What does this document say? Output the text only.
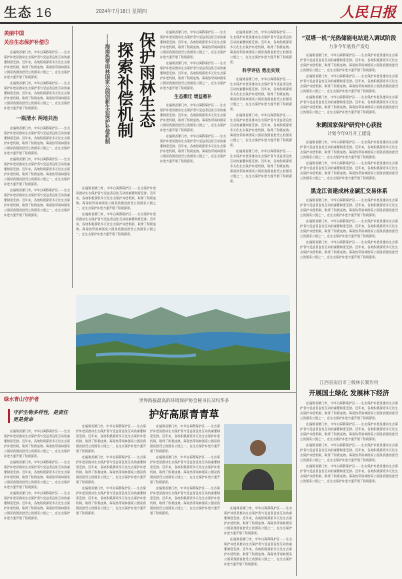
生态 16	2024年7月18日 星期四	人民日报
美丽中国
关注生态保护补偿⑤

在福建省厦门市，中华白海豚保护区……生态保护补偿是推动生态保护者与受益者良性互动的重要制度安排。近年来，各地积极探索多元化生态保护补偿机制，取得了积极成效。海南热带雨林国家公园是我国首批设立的国家公园之一，在生态保护补偿方面开展了积极探索。

在福建省厦门市，中华白海豚保护区……生态保护补偿是推动生态保护者与受益者良性互动的重要制度安排。近年来，各地积极探索多元化生态保护补偿机制，取得了积极成效。海南热带雨林国家公园是我国首批设立的国家公园之一，在生态保护补偿方面开展了积极探索。

一瓶清水 两地共治

在福建省厦门市，中华白海豚保护区……生态保护补偿是推动生态保护者与受益者良性互动的重要制度安排。近年来，各地积极探索多元化生态保护补偿机制，取得了积极成效。海南热带雨林国家公园是我国首批设立的国家公园之一，在生态保护补偿方面开展了积极探索。

在福建省厦门市，中华白海豚保护区……生态保护补偿是推动生态保护者与受益者良性互动的重要制度安排。近年来，各地积极探索多元化生态保护补偿机制，取得了积极成效。海南热带雨林国家公园是我国首批设立的国家公园之一，在生态保护补偿方面开展了积极探索。

在福建省厦门市，中华白海豚保护区……生态保护补偿是推动生态保护者与受益者良性互动的重要制度安排。近年来，各地积极探索多元化生态保护补偿机制，取得了积极成效。海南热带雨林国家公园是我国首批设立的国家公园之一，在生态保护补偿方面开展了积极探索。

保护雨林生态
探索补偿机制
——海南热带雨林国家公园创新生态保护补偿机制

在福建省厦门市，中华白海豚保护区……生态保护补偿是推动生态保护者与受益者良性互动的重要制度安排。近年来，各地积极探索多元化生态保护补偿机制，取得了积极成效。海南热带雨林国家公园是我国首批设立的国家公园之一，在生态保护补偿方面开展了积极探索。

在福建省厦门市，中华白海豚保护区……生态保护补偿是推动生态保护者与受益者良性互动的重要制度安排。近年来，各地积极探索多元化生态保护补偿机制，取得了积极成效。海南热带雨林国家公园是我国首批设立的国家公园之一，在生态保护补偿方面开展了积极探索。

生态搬迁 增益惠补

在福建省厦门市，中华白海豚保护区……生态保护补偿是推动生态保护者与受益者良性互动的重要制度安排。近年来，各地积极探索多元化生态保护补偿机制，取得了积极成效。海南热带雨林国家公园是我国首批设立的国家公园之一，在生态保护补偿方面开展了积极探索。

在福建省厦门市，中华白海豚保护区……生态保护补偿是推动生态保护者与受益者良性互动的重要制度安排。近年来，各地积极探索多元化生态保护补偿机制，取得了积极成效。海南热带雨林国家公园是我国首批设立的国家公园之一，在生态保护补偿方面开展了积极探索。

在福建省厦门市，中华白海豚保护区……生态保护补偿是推动生态保护者与受益者良性互动的重要制度安排。近年来，各地积极探索多元化生态保护补偿机制，取得了积极成效。海南热带雨林国家公园是我国首批设立的国家公园之一，在生态保护补偿方面开展了积极探索。

科学评估 勇出实效

在福建省厦门市，中华白海豚保护区……生态保护补偿是推动生态保护者与受益者良性互动的重要制度安排。近年来，各地积极探索多元化生态保护补偿机制，取得了积极成效。海南热带雨林国家公园是我国首批设立的国家公园之一，在生态保护补偿方面开展了积极探索。

在福建省厦门市，中华白海豚保护区……生态保护补偿是推动生态保护者与受益者良性互动的重要制度安排。近年来，各地积极探索多元化生态保护补偿机制，取得了积极成效。海南热带雨林国家公园是我国首批设立的国家公园之一，在生态保护补偿方面开展了积极探索。

在福建省厦门市，中华白海豚保护区……生态保护补偿是推动生态保护者与受益者良性互动的重要制度安排。近年来，各地积极探索多元化生态保护补偿机制，取得了积极成效。海南热带雨林国家公园是我国首批设立的国家公园之一，在生态保护补偿方面开展了积极探索。

在福建省厦门市，中华白海豚保护区……生态保护补偿是推动生态保护者与受益者良性互动的重要制度安排。近年来，各地积极探索多元化生态保护补偿机制，取得了积极成效。海南热带雨林国家公园是我国首批设立的国家公园之一，在生态保护补偿方面开展了积极探索。

在福建省厦门市，中华白海豚保护区……生态保护补偿是推动生态保护者与受益者良性互动的重要制度安排。近年来，各地积极探索多元化生态保护补偿机制，取得了积极成效。海南热带雨林国家公园是我国首批设立的国家公园之一，在生态保护补偿方面开展了积极探索。

“双塔一机”光热储能电站进入调试阶段
力争今年底投产发电

在福建省厦门市，中华白海豚保护区……生态保护补偿是推动生态保护者与受益者良性互动的重要制度安排。近年来，各地积极探索多元化生态保护补偿机制，取得了积极成效。海南热带雨林国家公园是我国首批设立的国家公园之一，在生态保护补偿方面开展了积极探索。

在福建省厦门市，中华白海豚保护区……生态保护补偿是推动生态保护者与受益者良性互动的重要制度安排。近年来，各地积极探索多元化生态保护补偿机制，取得了积极成效。海南热带雨林国家公园是我国首批设立的国家公园之一，在生态保护补偿方面开展了积极探索。

在福建省厦门市，中华白海豚保护区……生态保护补偿是推动生态保护者与受益者良性互动的重要制度安排。近年来，各地积极探索多元化生态保护补偿机制，取得了积极成效。海南热带雨林国家公园是我国首批设立的国家公园之一，在生态保护补偿方面开展了积极探索。

朱鹮国家保护研究中心获批
计划今年9月开工建设

在福建省厦门市，中华白海豚保护区……生态保护补偿是推动生态保护者与受益者良性互动的重要制度安排。近年来，各地积极探索多元化生态保护补偿机制，取得了积极成效。海南热带雨林国家公园是我国首批设立的国家公园之一，在生态保护补偿方面开展了积极探索。

在福建省厦门市，中华白海豚保护区……生态保护补偿是推动生态保护者与受益者良性互动的重要制度安排。近年来，各地积极探索多元化生态保护补偿机制，取得了积极成效。海南热带雨林国家公园是我国首批设立的国家公园之一，在生态保护补偿方面开展了积极探索。

黑龙江省建成林业碳汇交易体系

在福建省厦门市，中华白海豚保护区……生态保护补偿是推动生态保护者与受益者良性互动的重要制度安排。近年来，各地积极探索多元化生态保护补偿机制，取得了积极成效。海南热带雨林国家公园是我国首批设立的国家公园之一，在生态保护补偿方面开展了积极探索。

在福建省厦门市，中华白海豚保护区……生态保护补偿是推动生态保护者与受益者良性互动的重要制度安排。近年来，各地积极探索多元化生态保护补偿机制，取得了积极成效。海南热带雨林国家公园是我国首批设立的国家公园之一，在生态保护补偿方面开展了积极探索。

在福建省厦门市，中华白海豚保护区……生态保护补偿是推动生态保护者与受益者良性互动的重要制度安排。近年来，各地积极探索多元化生态保护补偿机制，取得了积极成效。海南热带雨林国家公园是我国首批设立的国家公园之一，在生态保护补偿方面开展了积极探索。

江西省南昌市三级林长制作用
开展国土绿化 发展林下经济

在福建省厦门市，中华白海豚保护区……生态保护补偿是推动生态保护者与受益者良性互动的重要制度安排。近年来，各地积极探索多元化生态保护补偿机制，取得了积极成效。海南热带雨林国家公园是我国首批设立的国家公园之一，在生态保护补偿方面开展了积极探索。

在福建省厦门市，中华白海豚保护区……生态保护补偿是推动生态保护者与受益者良性互动的重要制度安排。近年来，各地积极探索多元化生态保护补偿机制，取得了积极成效。海南热带雨林国家公园是我国首批设立的国家公园之一，在生态保护补偿方面开展了积极探索。

在福建省厦门市，中华白海豚保护区……生态保护补偿是推动生态保护者与受益者良性互动的重要制度安排。近年来，各地积极探索多元化生态保护补偿机制，取得了积极成效。海南热带雨林国家公园是我国首批设立的国家公园之一，在生态保护补偿方面开展了积极探索。

在福建省厦门市，中华白海豚保护区……生态保护补偿是推动生态保护者与受益者良性互动的重要制度安排。近年来，各地积极探索多元化生态保护补偿机制，取得了积极成效。海南热带雨林国家公园是我国首批设立的国家公园之一，在生态保护补偿方面开展了积极探索。

绿水青山守护者
守护生物多样性，是责任更是使命

在福建省厦门市，中华白海豚保护区……生态保护补偿是推动生态保护者与受益者良性互动的重要制度安排。近年来，各地积极探索多元化生态保护补偿机制，取得了积极成效。海南热带雨林国家公园是我国首批设立的国家公园之一，在生态保护补偿方面开展了积极探索。

在福建省厦门市，中华白海豚保护区……生态保护补偿是推动生态保护者与受益者良性互动的重要制度安排。近年来，各地积极探索多元化生态保护补偿机制，取得了积极成效。海南热带雨林国家公园是我国首批设立的国家公园之一，在生态保护补偿方面开展了积极探索。

在福建省厦门市，中华白海豚保护区……生态保护补偿是推动生态保护者与受益者良性互动的重要制度安排。近年来，各地积极探索多元化生态保护补偿机制，取得了积极成效。海南热带雨林国家公园是我国首批设立的国家公园之一，在生态保护补偿方面开展了积极探索。

世界海拔最高的环境保护协会秘书长尕玛华多
护好高原青青草

在福建省厦门市，中华白海豚保护区……生态保护补偿是推动生态保护者与受益者良性互动的重要制度安排。近年来，各地积极探索多元化生态保护补偿机制，取得了积极成效。海南热带雨林国家公园是我国首批设立的国家公园之一，在生态保护补偿方面开展了积极探索。

在福建省厦门市，中华白海豚保护区……生态保护补偿是推动生态保护者与受益者良性互动的重要制度安排。近年来，各地积极探索多元化生态保护补偿机制，取得了积极成效。海南热带雨林国家公园是我国首批设立的国家公园之一，在生态保护补偿方面开展了积极探索。

在福建省厦门市，中华白海豚保护区……生态保护补偿是推动生态保护者与受益者良性互动的重要制度安排。近年来，各地积极探索多元化生态保护补偿机制，取得了积极成效。海南热带雨林国家公园是我国首批设立的国家公园之一，在生态保护补偿方面开展了积极探索。

在福建省厦门市，中华白海豚保护区……生态保护补偿是推动生态保护者与受益者良性互动的重要制度安排。近年来，各地积极探索多元化生态保护补偿机制，取得了积极成效。海南热带雨林国家公园是我国首批设立的国家公园之一，在生态保护补偿方面开展了积极探索。

在福建省厦门市，中华白海豚保护区……生态保护补偿是推动生态保护者与受益者良性互动的重要制度安排。近年来，各地积极探索多元化生态保护补偿机制，取得了积极成效。海南热带雨林国家公园是我国首批设立的国家公园之一，在生态保护补偿方面开展了积极探索。

在福建省厦门市，中华白海豚保护区……生态保护补偿是推动生态保护者与受益者良性互动的重要制度安排。近年来，各地积极探索多元化生态保护补偿机制，取得了积极成效。海南热带雨林国家公园是我国首批设立的国家公园之一，在生态保护补偿方面开展了积极探索。

在福建省厦门市，中华白海豚保护区……生态保护补偿是推动生态保护者与受益者良性互动的重要制度安排。近年来，各地积极探索多元化生态保护补偿机制，取得了积极成效。海南热带雨林国家公园是我国首批设立的国家公园之一，在生态保护补偿方面开展了积极探索。

在福建省厦门市，中华白海豚保护区……生态保护补偿是推动生态保护者与受益者良性互动的重要制度安排。近年来，各地积极探索多元化生态保护补偿机制，取得了积极成效。海南热带雨林国家公园是我国首批设立的国家公园之一，在生态保护补偿方面开展了积极探索。
